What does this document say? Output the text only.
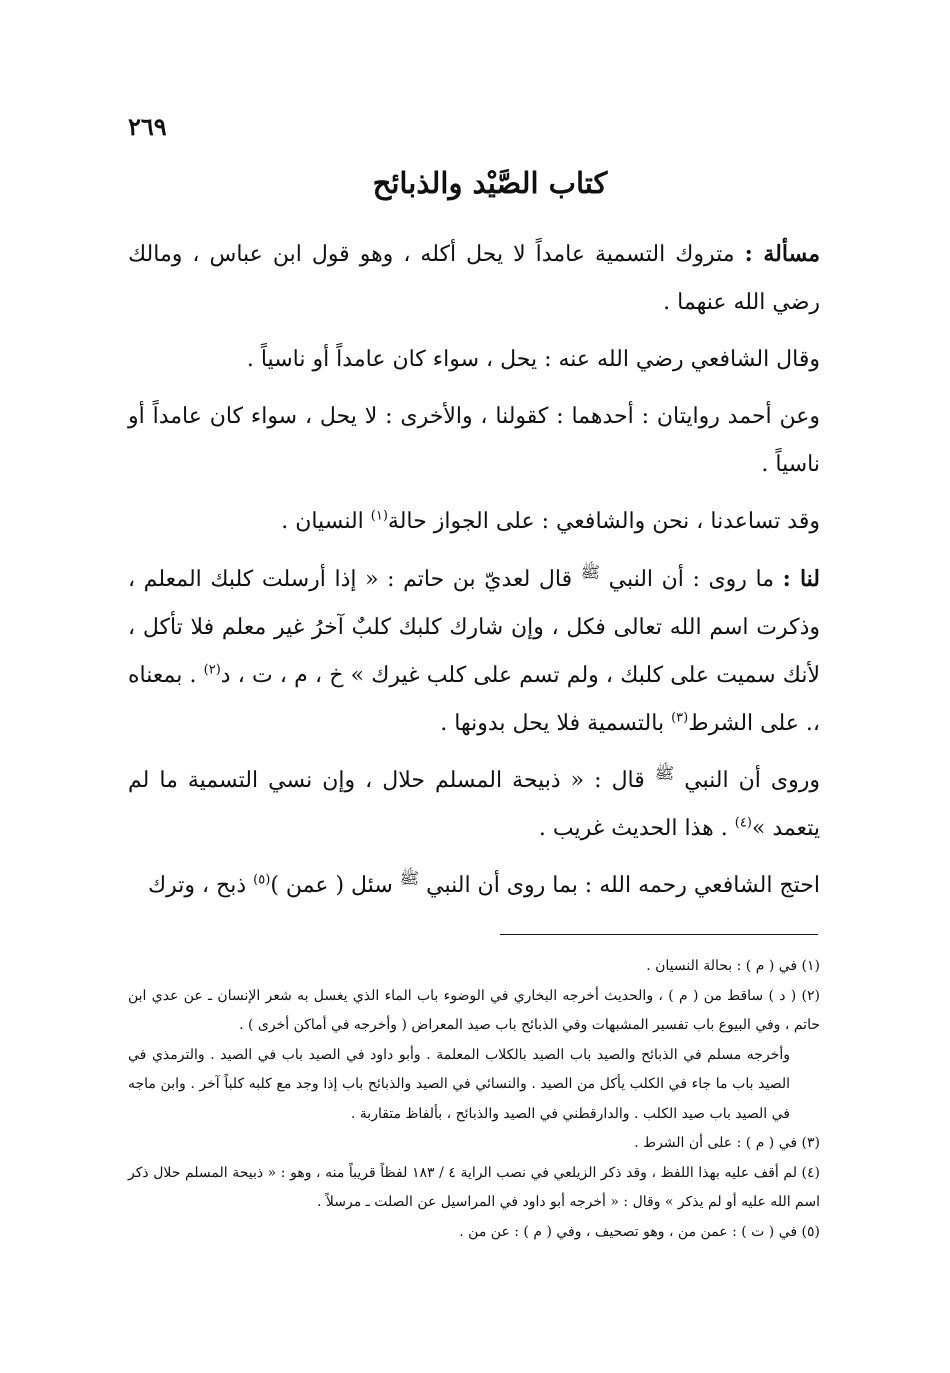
٢٦٩
كتاب الصَّيْد والذبائح

مسألة : متروك التسمية عامداً لا يحل أكله ، وهو قول ابن عباس ، ومالك رضي الله عنهما .

وقال الشافعي رضي الله عنه : يحل ، سواء كان عامداً أو ناسياً .

وعن أحمد روايتان : أحدهما : كقولنا ، والأخرى : لا يحل ، سواء كان عامداً أو ناسياً .

وقد تساعدنا ، نحن والشافعي : على الجواز حالة$^{(١)}$ النسيان .

لنا : ما روى : أن النبي $^ﷺ$ قال لعديّ بن حاتم : « إذا أرسلت كلبك المعلم ، وذكرت اسم الله تعالى فكل ، وإن شارك كلبك كلبٌ آخرُ غير معلم فلا تأكل ، لأنك سميت على كلبك ، ولم تسم على كلب غيرك » خ ، م ، ت ، د$^{(٢)}$ . بمعناه ،. على الشرط$^{(٣)}$ بالتسمية فلا يحل بدونها .

وروى أن النبي $^ﷺ$ قال : « ذبيحة المسلم حلال ، وإن نسي التسمية ما لم يتعمد »$^{(٤)}$ . هذا الحديث غريب .

احتج الشافعي رحمه الله : بما روى أن النبي $^ﷺ$ سئل ( عمن )$^{(٥)}$ ذبح ، وترك

(١) في ( م ) : بحالة النسيان .

(٢) ( د ) ساقط من ( م ) ، والحديث أخرجه البخاري في الوضوء باب الماء الذي يغسل به شعر الإنسان ـ عن عدي ابن حاتم ، وفي البيوع باب تفسير المشبهات وفي الذبائح باب صيد المعراض ( وأخرجه في أماكن أخرى ) .

وأخرجه مسلم في الذبائح والصيد باب الصيد بالكلاب المعلمة . وأبو داود في الصيد باب في الصيد . والترمذي في الصيد باب ما جاء في الكلب يأكل من الصيد . والنسائي في الصيد والذبائح باب إذا وجد مع كلبه كلباً آخر . وابن ماجه في الصيد باب صيد الكلب . والدارقطني في الصيد والذبائح ، بألفاظ متقاربة .

(٣) في ( م ) : على أن الشرط .

(٤) لم أقف عليه بهذا اللفظ ، وقد ذكر الزيلعي في نصب الراية ٤ / ١٨٣ لفظاً قريباً منه ، وهو : « ذبيحة المسلم حلال ذكر اسم الله عليه أو لم يذكر » وقال : « أخرجه أبو داود في المراسيل عن الصلت ـ مرسلاً .

(٥) في ( ت ) : عمن من ، وهو تصحيف ، وفي ( م ) : عن من .
